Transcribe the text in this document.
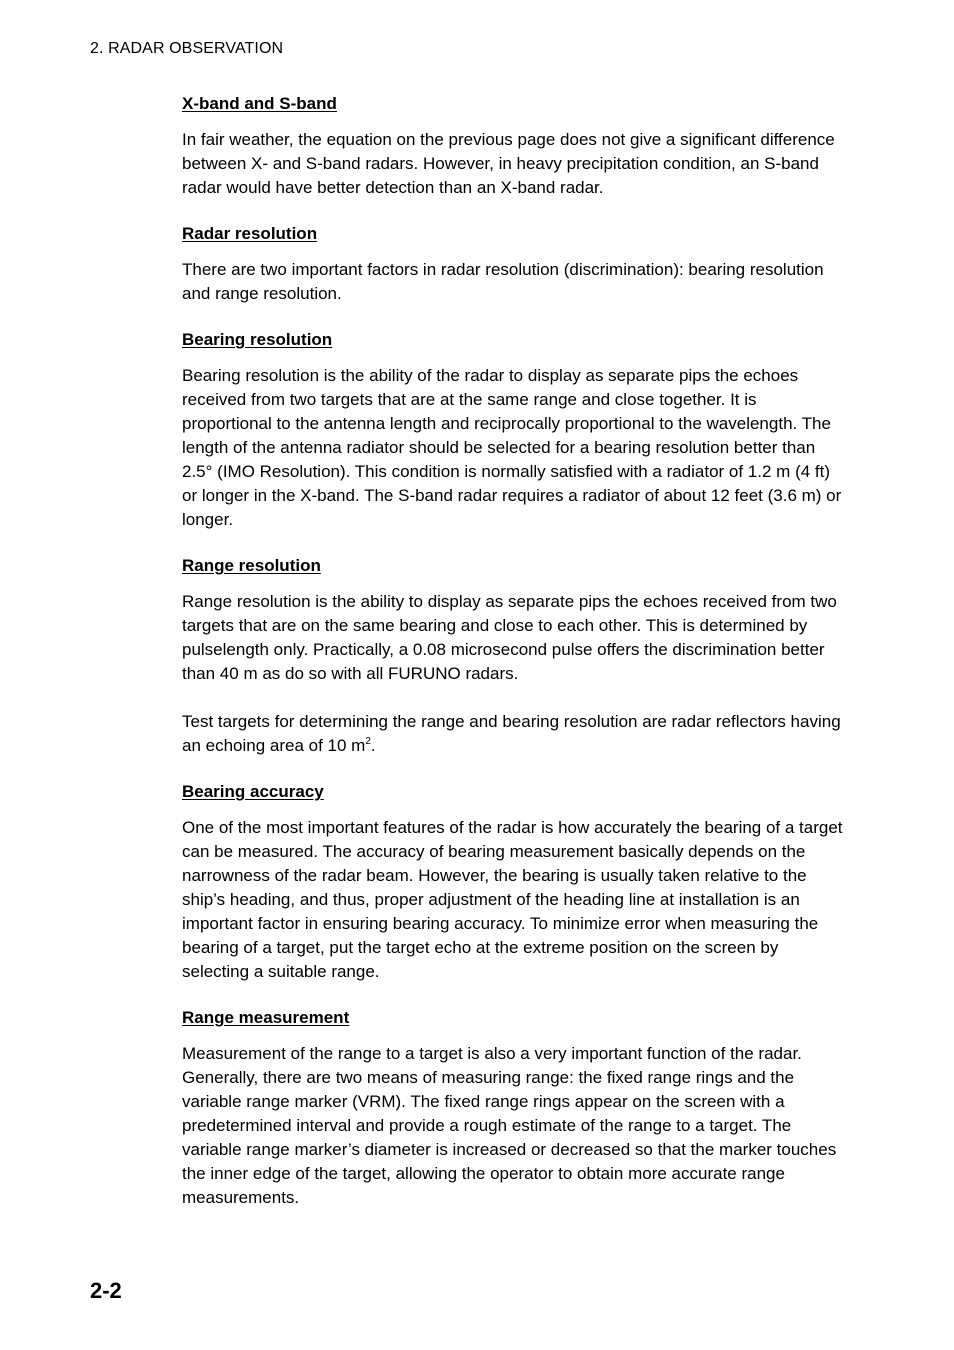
2. RADAR OBSERVATION
X-band and S-band

In fair weather, the equation on the previous page does not give a significant difference between X- and S-band radars. However, in heavy precipitation condition, an S-band radar would have better detection than an X-band radar.

Radar resolution

There are two important factors in radar resolution (discrimination): bearing resolution and range resolution.

Bearing resolution

Bearing resolution is the ability of the radar to display as separate pips the echoes received from two targets that are at the same range and close together. It is proportional to the antenna length and reciprocally proportional to the wavelength. The length of the antenna radiator should be selected for a bearing resolution better than 2.5° (IMO Resolution). This condition is normally satisfied with a radiator of 1.2 m (4 ft) or longer in the X-band. The S-band radar requires a radiator of about 12 feet (3.6 m) or longer.

Range resolution

Range resolution is the ability to display as separate pips the echoes received from two targets that are on the same bearing and close to each other. This is determined by pulselength only. Practically, a 0.08 microsecond pulse offers the discrimination better than 40 m as do so with all FURUNO radars.

Test targets for determining the range and bearing resolution are radar reflectors having an echoing area of 10 $m^2$.

Bearing accuracy

One of the most important features of the radar is how accurately the bearing of a target can be measured. The accuracy of bearing measurement basically depends on the narrowness of the radar beam. However, the bearing is usually taken relative to the ship’s heading, and thus, proper adjustment of the heading line at installation is an important factor in ensuring bearing accuracy. To minimize error when measuring the bearing of a target, put the target echo at the extreme position on the screen by selecting a suitable range.

Range measurement

Measurement of the range to a target is also a very important function of the radar. Generally, there are two means of measuring range: the fixed range rings and the variable range marker (VRM). The fixed range rings appear on the screen with a predetermined interval and provide a rough estimate of the range to a target. The variable range marker’s diameter is increased or decreased so that the marker touches the inner edge of the target, allowing the operator to obtain more accurate range measurements.

2-2
